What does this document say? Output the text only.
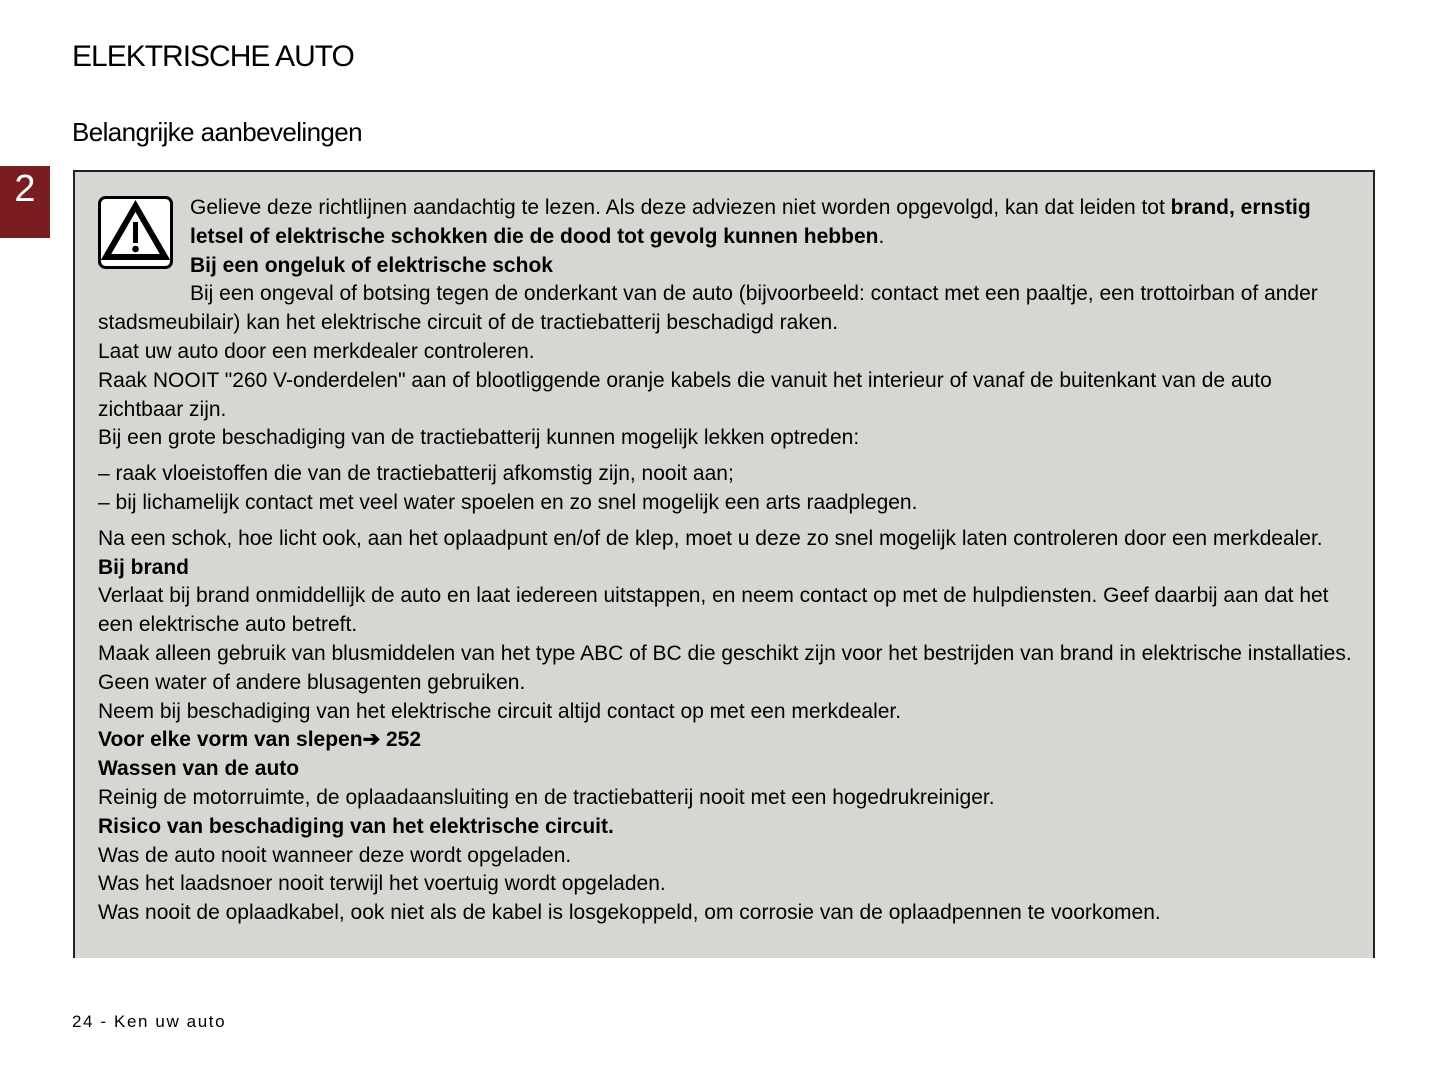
ELEKTRISCHE AUTO
Belangrijke aanbevelingen
2	Gelieve deze richtlijnen aandachtig te lezen. Als deze adviezen niet worden opgevolgd, kan dat leiden tot brand, ernstig letsel of elektrische schokken die de dood tot gevolg kunnen hebben.

Bij een ongeluk of elektrische schok

Bij een ongeval of botsing tegen de onderkant van de auto (bijvoorbeeld: contact met een paaltje, een trottoirban of ander stadsmeubilair) kan het elektrische circuit of de tractiebatterij beschadigd raken.

Laat uw auto door een merkdealer controleren.

Raak NOOIT "260 V-onderdelen" aan of blootliggende oranje kabels die vanuit het interieur of vanaf de buitenkant van de auto zichtbaar zijn.

Bij een grote beschadiging van de tractiebatterij kunnen mogelijk lekken optreden:

– raak vloeistoffen die van de tractiebatterij afkomstig zijn, nooit aan;
– bij lichamelijk contact met veel water spoelen en zo snel mogelijk een arts raadplegen.

Na een schok, hoe licht ook, aan het oplaadpunt en/of de klep, moet u deze zo snel mogelijk laten controleren door een merkdealer.

Bij brand

Verlaat bij brand onmiddellijk de auto en laat iedereen uitstappen, en neem contact op met de hulpdiensten. Geef daarbij aan dat het een elektrische auto betreft.

Maak alleen gebruik van blusmiddelen van het type ABC of BC die geschikt zijn voor het bestrijden van brand in elektrische installaties. Geen water of andere blusagenten gebruiken.

Neem bij beschadiging van het elektrische circuit altijd contact op met een merkdealer.

Voor elke vorm van slepen➔ 252

Wassen van de auto

Reinig de motorruimte, de oplaadaansluiting en de tractiebatterij nooit met een hogedrukreiniger.

Risico van beschadiging van het elektrische circuit.

Was de auto nooit wanneer deze wordt opgeladen.

Was het laadsnoer nooit terwijl het voertuig wordt opgeladen.

Was nooit de oplaadkabel, ook niet als de kabel is losgekoppeld, om corrosie van de oplaadpennen te voorkomen.

24 - Ken uw auto
